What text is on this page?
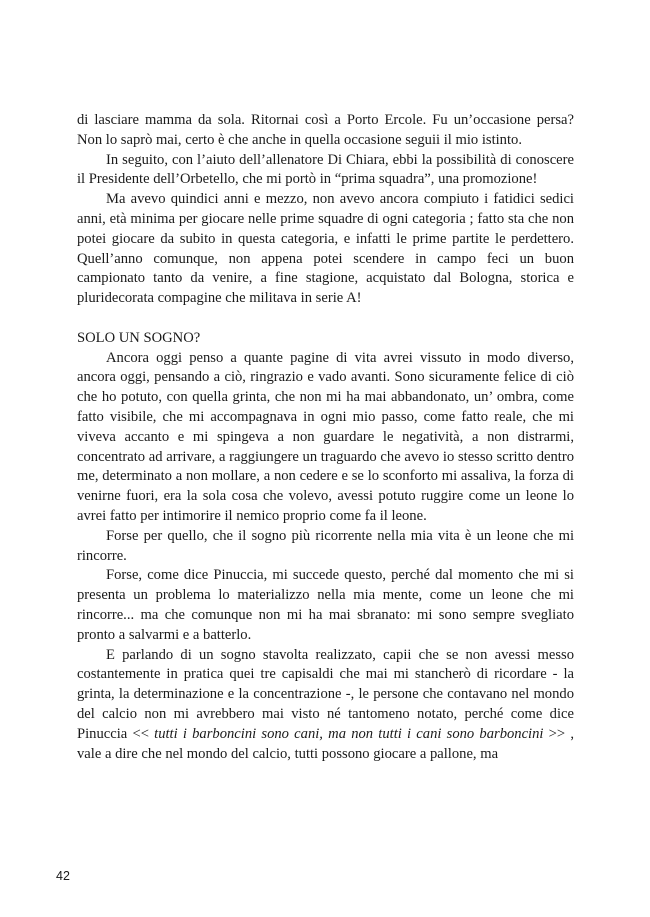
di lasciare mamma da sola. Ritornai così a Porto Ercole. Fu un’occasione persa? Non lo saprò mai, certo è che anche in quella occasione seguii il mio istinto.

In seguito, con l’aiuto dell’allenatore Di Chiara, ebbi la possibilità di conoscere il Presidente dell’Orbetello, che mi portò in “prima squadra”, una promozione!

Ma avevo quindici anni e mezzo, non avevo ancora compiuto i fatidici sedici anni, età minima per giocare nelle prime squadre di ogni categoria ; fatto sta che non potei giocare da subito in questa categoria, e infatti le prime partite le perdettero. Quell’anno comunque, non appena potei scendere in campo feci un buon campionato tanto da venire, a fine stagione, acquistato dal Bologna, storica e pluridecorata compagine che militava in serie A!

SOLO UN SOGNO?

Ancora oggi penso a quante pagine di vita avrei vissuto in modo diverso, ancora oggi, pensando a ciò, ringrazio e vado avanti. Sono sicuramente felice di ciò che ho potuto, con quella grinta, che non mi ha mai abbandonato, un’ ombra, come fatto visibile, che mi accompagnava in ogni mio passo, come fatto reale, che mi viveva accanto e mi spingeva a non guardare le negatività, a non distrarmi, concentrato ad arrivare, a raggiungere un traguardo che avevo io stesso scritto dentro me, determinato a non mollare, a non cedere e se lo sconforto mi assaliva, la forza di venirne fuori, era la sola cosa che volevo, avessi potuto ruggire come un leone lo avrei fatto per intimorire il nemico proprio come fa il leone.

Forse per quello, che il sogno più ricorrente nella mia vita è un leone che mi rincorre.

Forse, come dice Pinuccia, mi succede questo, perché dal momento che mi si presenta un problema lo materializzo nella mia mente, come un leone che mi rincorre... ma che comunque non mi ha mai sbranato: mi sono sempre svegliato pronto a salvarmi e a batterlo.

E parlando di un sogno stavolta realizzato, capii che se non avessi messo costantemente in pratica quei tre capisaldi che mai mi stancherò di ricordare - la grinta, la determinazione e la concentrazione -, le persone che contavano nel mondo del calcio non mi avrebbero mai visto né tantomeno notato, perché come dice Pinuccia << tutti i barboncini sono cani, ma non tutti i cani sono barboncini >> , vale a dire che nel mondo del calcio, tutti possono giocare a pallone, ma

42
